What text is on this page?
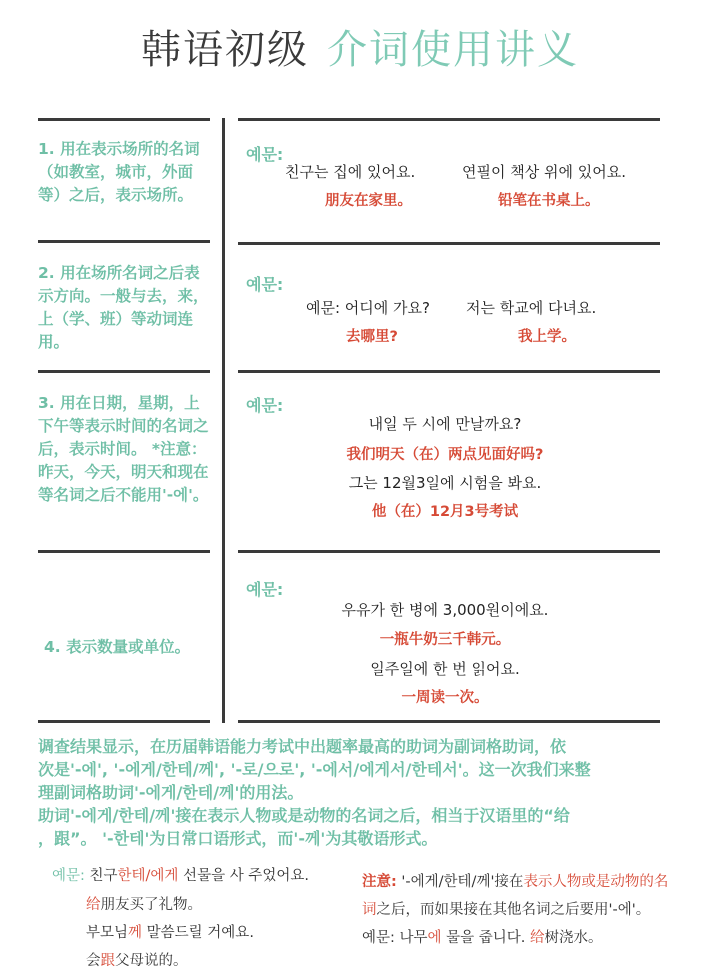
韩语初级 介词使用讲义
1. 用在表示场所的名词（如教室，城市，外面等）之后，表示场所。
예문:
친구는 집에 있어요.	연필이 책상 위에 있어요.
朋友在家里。	铅笔在书桌上。
2. 用在场所名词之后表示方向。一般与去，来，上（学、班）等动词连用。
예문:
예문: 어디에 가요? 저는 학교에 다녀요.
去哪里?	我上学。
3. 用在日期，星期，上下午等表示时间的名词之后，表示时间。 *注意：昨天，今天，明天和现在等名词之后不能用'-에'。
예문:
내일 두 시에 만날까요?
我们明天（在）两点见面好吗?
그는 12월3일에 시험을 봐요.
他（在）12月3号考试
4. 表示数量或单位。
예문:
우유가 한 병에 3,000원이에요.
一瓶牛奶三千韩元。
일주일에 한 번 읽어요.
一周读一次。
调查结果显示，在历届韩语能力考试中出题率最高的助词为副词格助词，依
次是'-에', '-에게/한테/께', '-로/으로', '-에서/에게서/한테서'。这一次我们来整
理副词格助词'-에게/한테/께'的用法。
助词'-에게/한테/께'接在表示人物或是动物的名词之后，相当于汉语里的“给
，跟”。 '-한테'为日常口语形式，而'-께'为其敬语形式。
예문: 친구한테/에게 선물을 사 주었어요.
给朋友买了礼物。
부모님께 말씀드릴 거예요.
会跟父母说的。
注意: '-에게/한테/께'接在表示人物或是动物的名词之后，而如果接在其他名词之后要用'-에'。
예문: 나무에 물을 줍니다. 给树浇水。
